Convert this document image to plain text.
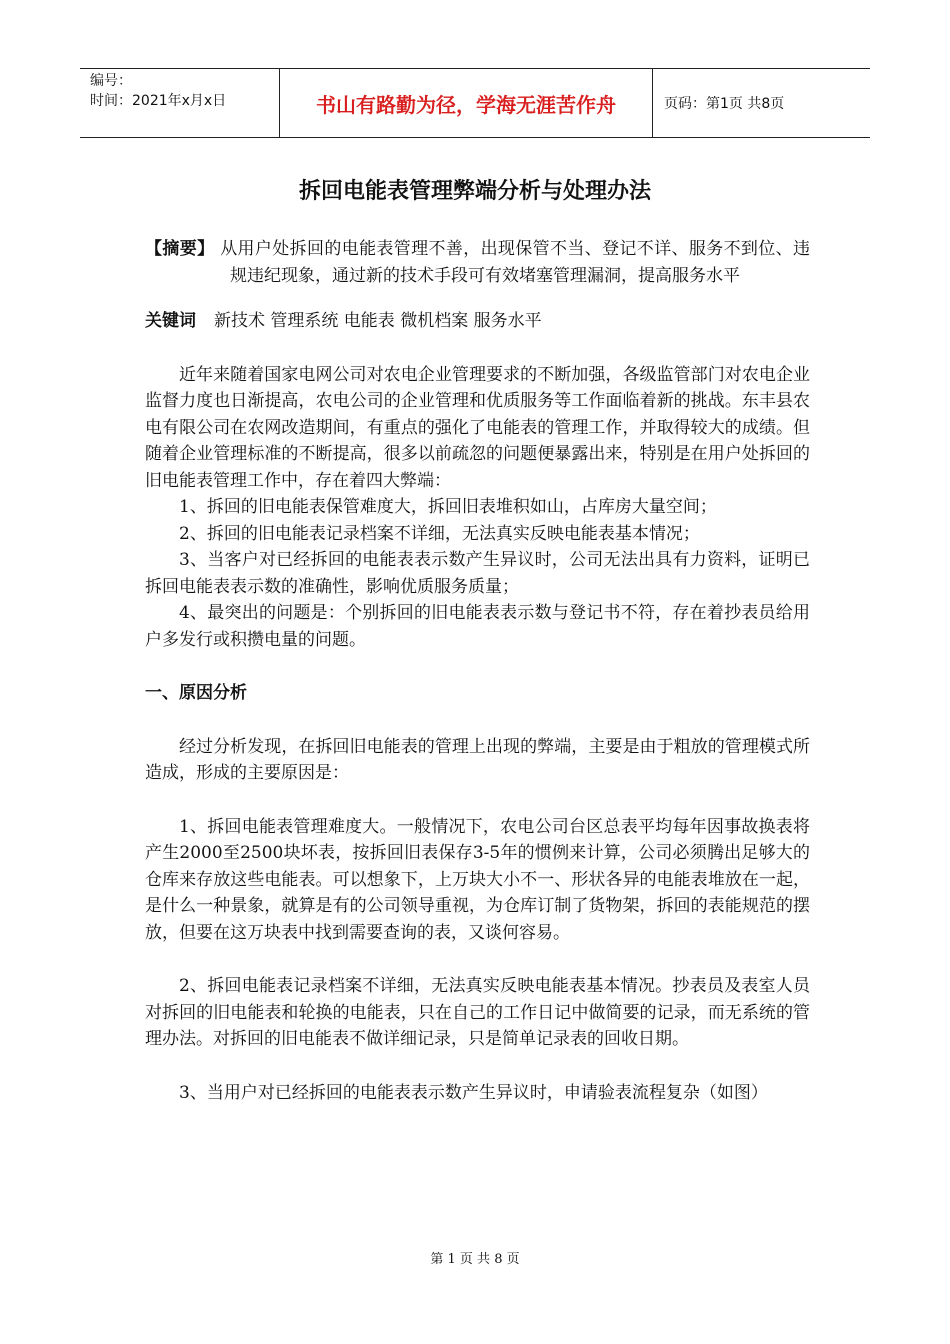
编号：
时间：2021年x月x日	书山有路勤为径，学海无涯苦作舟	页码：第1页 共8页
拆回电能表管理弊端分析与处理办法

【摘要】 从用户处拆回的电能表管理不善，出现保管不当、登记不详、服务不到位、违规违纪现象，通过新的技术手段可有效堵塞管理漏洞，提高服务水平

关键词 新技术 管理系统 电能表 微机档案 服务水平

近年来随着国家电网公司对农电企业管理要求的不断加强，各级监管部门对农电企业监督力度也日渐提高，农电公司的企业管理和优质服务等工作面临着新的挑战。东丰县农电有限公司在农网改造期间，有重点的强化了电能表的管理工作，并取得较大的成绩。但随着企业管理标准的不断提高，很多以前疏忽的问题便暴露出来，特别是在用户处拆回的旧电能表管理工作中，存在着四大弊端：

1、拆回的旧电能表保管难度大，拆回旧表堆积如山，占库房大量空间；

2、拆回的旧电能表记录档案不详细，无法真实反映电能表基本情况；

3、当客户对已经拆回的电能表表示数产生异议时，公司无法出具有力资料，证明已拆回电能表表示数的准确性，影响优质服务质量；

4、最突出的问题是：个别拆回的旧电能表表示数与登记书不符，存在着抄表员给用户多发行或积攒电量的问题。

一、原因分析

经过分析发现，在拆回旧电能表的管理上出现的弊端，主要是由于粗放的管理模式所造成，形成的主要原因是：

1、拆回电能表管理难度大。一般情况下，农电公司台区总表平均每年因事故换表将产生2000至2500块坏表，按拆回旧表保存3-5年的惯例来计算，公司必须腾出足够大的仓库来存放这些电能表。可以想象下，上万块大小不一、形状各异的电能表堆放在一起，是什么一种景象，就算是有的公司领导重视，为仓库订制了货物架，拆回的表能规范的摆放，但要在这万块表中找到需要查询的表，又谈何容易。

2、拆回电能表记录档案不详细，无法真实反映电能表基本情况。抄表员及表室人员对拆回的旧电能表和轮换的电能表，只在自己的工作日记中做简要的记录，而无系统的管理办法。对拆回的旧电能表不做详细记录，只是简单记录表的回收日期。

3、当用户对已经拆回的电能表表示数产生异议时，申请验表流程复杂（如图）

第 1 页 共 8 页
